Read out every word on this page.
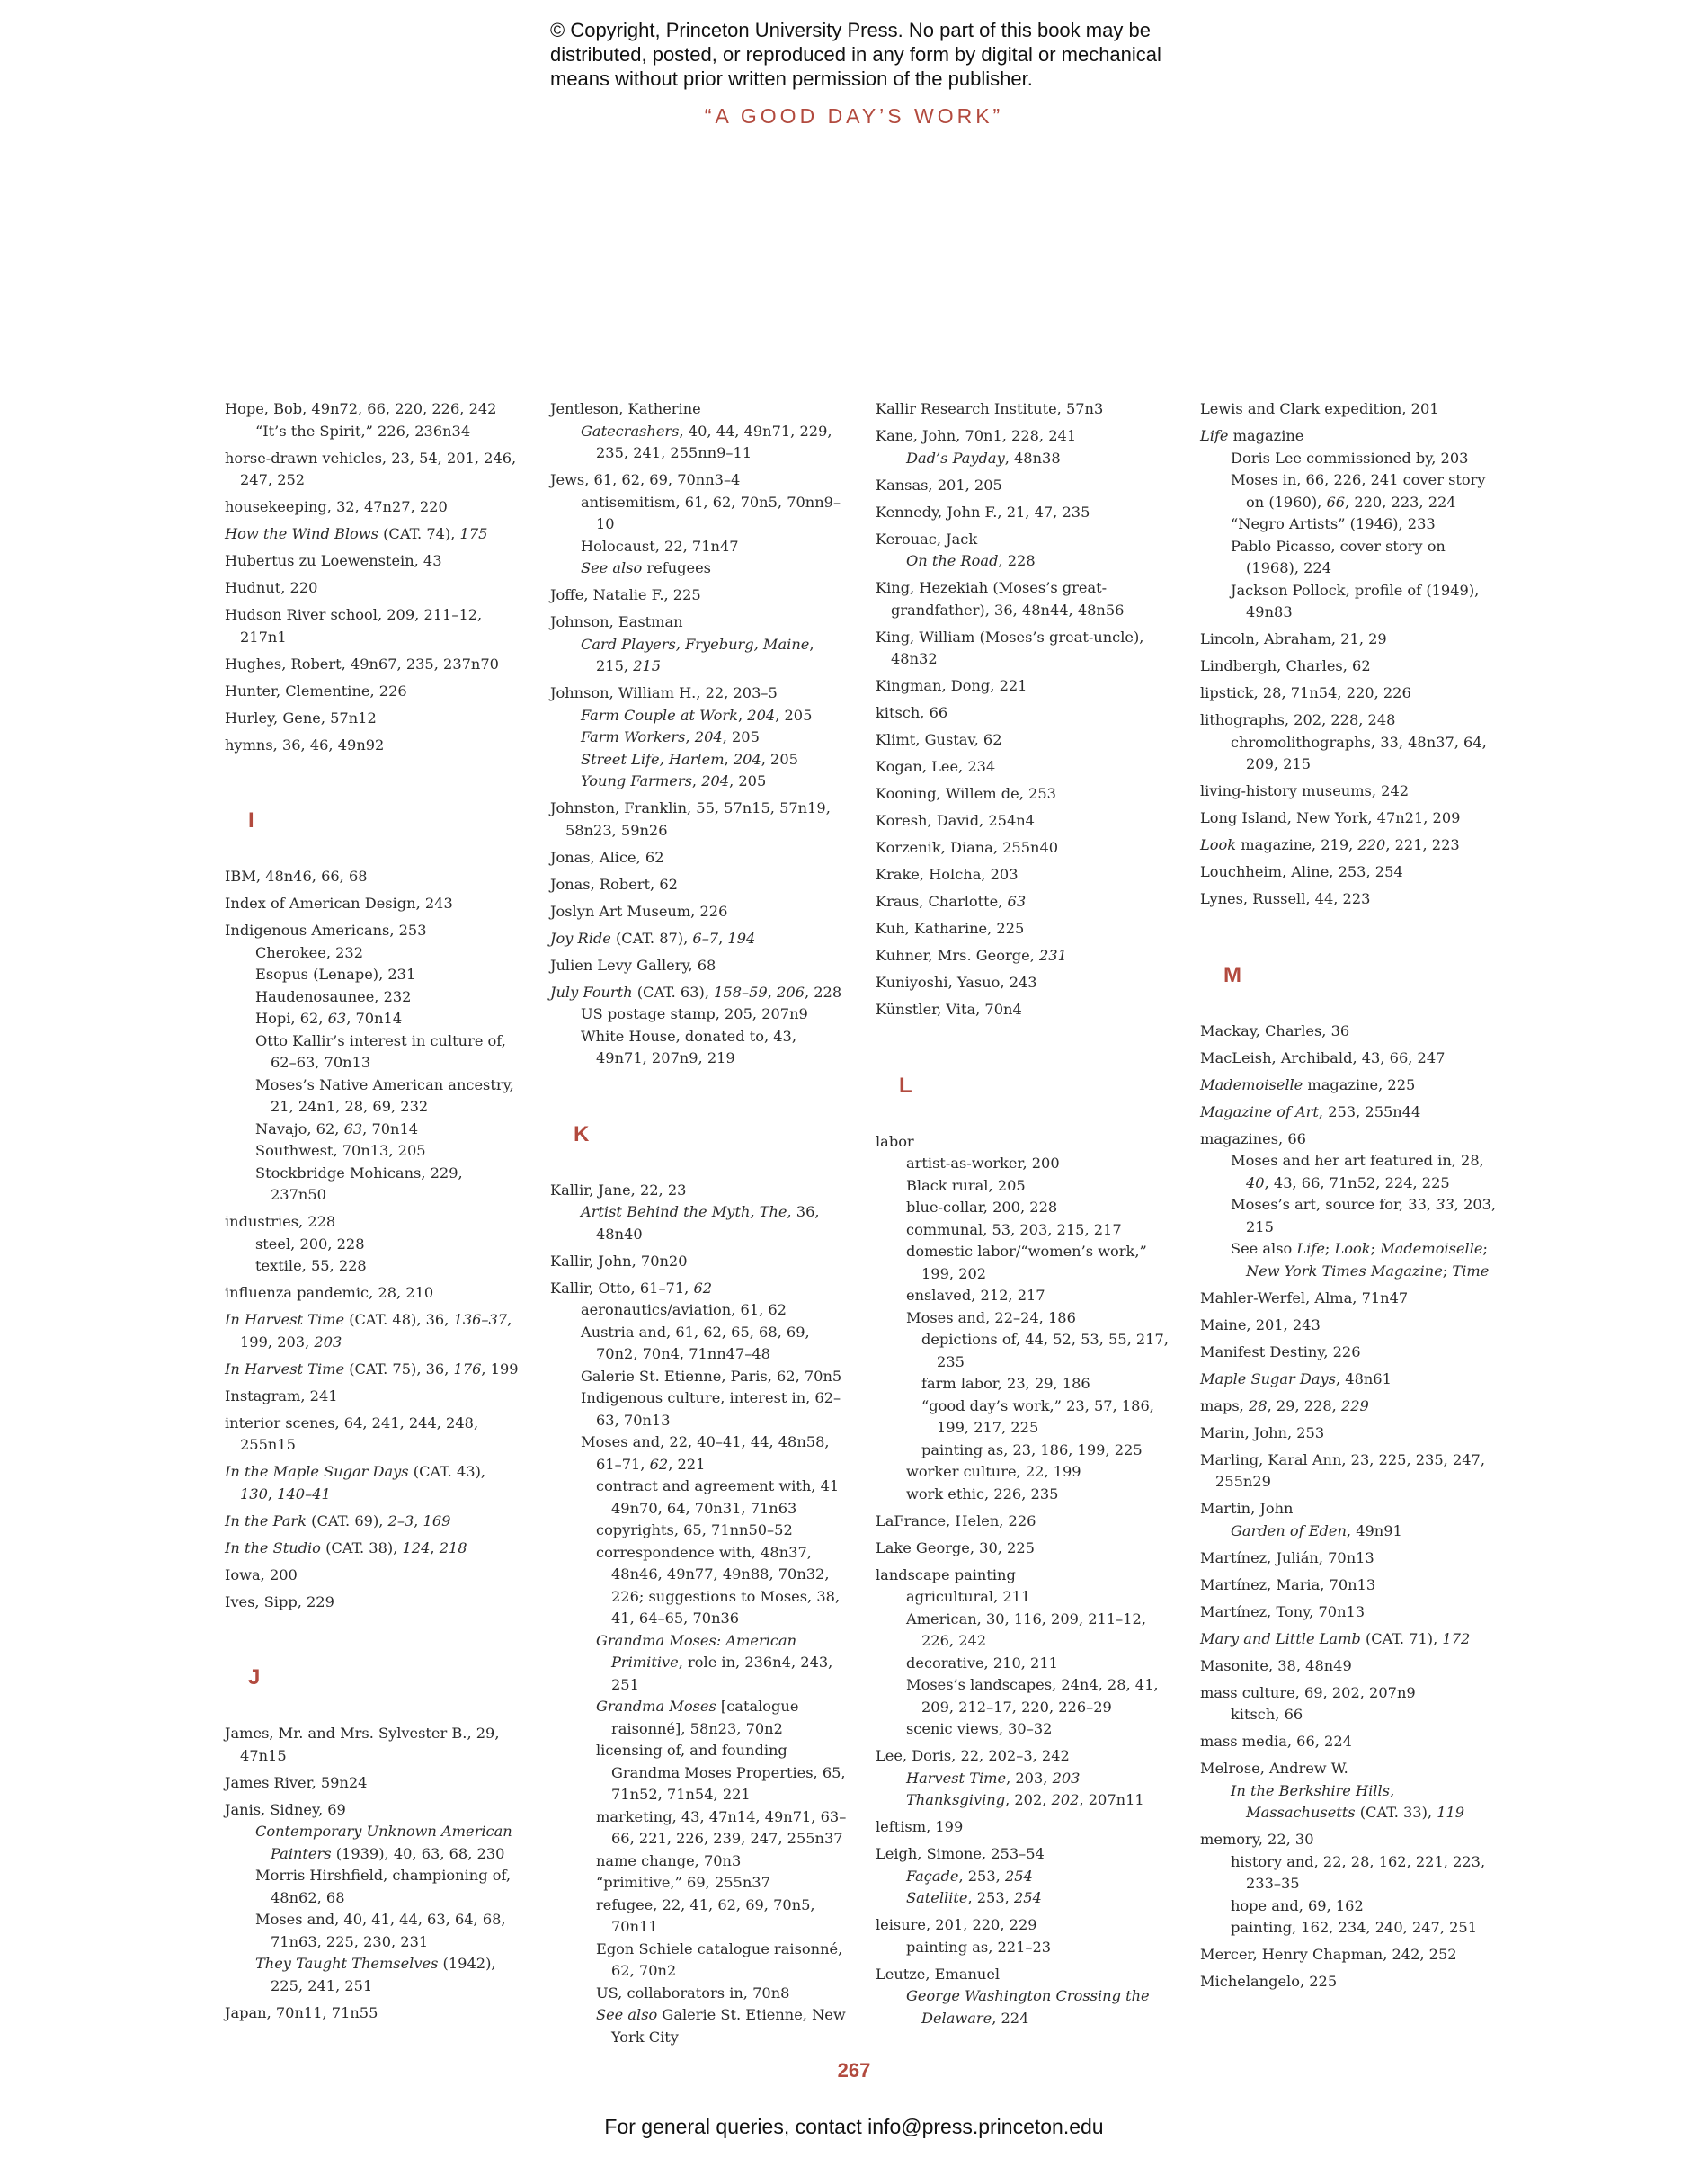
© Copyright, Princeton University Press. No part of this book may be distributed, posted, or reproduced in any form by digital or mechanical means without prior written permission of the publisher.
“A GOOD DAY’S WORK”
Hope, Bob, 49n72, 66, 220, 226, 242
“It’s the Spirit,” 226, 236n34
horse-drawn vehicles, 23, 54, 201, 246, 247, 252
housekeeping, 32, 47n27, 220
How the Wind Blows (CAT. 74), 175
Hubertus zu Loewenstein, 43
Hudnut, 220
Hudson River school, 209, 211–12, 217n1
Hughes, Robert, 49n67, 235, 237n70
Hunter, Clementine, 226
Hurley, Gene, 57n12
hymns, 36, 46, 49n92
I
IBM, 48n46, 66, 68
Index of American Design, 243
Indigenous Americans, 253
Cherokee, 232
Esopus (Lenape), 231
Haudenosaunee, 232
Hopi, 62, 63, 70n14
Otto Kallir’s interest in culture of, 62–63, 70n13
Moses’s Native American ancestry, 21, 24n1, 28, 69, 232
Navajo, 62, 63, 70n14
Southwest, 70n13, 205
Stockbridge Mohicans, 229, 237n50
industries, 228
steel, 200, 228
textile, 55, 228
influenza pandemic, 28, 210
In Harvest Time (CAT. 48), 36, 136–37, 199, 203, 203
In Harvest Time (CAT. 75), 36, 176, 199
Instagram, 241
interior scenes, 64, 241, 244, 248, 255n15
In the Maple Sugar Days (CAT. 43), 130, 140–41
In the Park (CAT. 69), 2–3, 169
In the Studio (CAT. 38), 124, 218
Iowa, 200
Ives, Sipp, 229
J
James, Mr. and Mrs. Sylvester B., 29, 47n15
James River, 59n24
Janis, Sidney, 69
Contemporary Unknown American Painters (1939), 40, 63, 68, 230
Morris Hirshfield, championing of, 48n62, 68
Moses and, 40, 41, 44, 63, 64, 68, 71n63, 225, 230, 231
They Taught Themselves (1942), 225, 241, 251
Japan, 70n11, 71n55
Jentleson, Katherine
Gatecrashers, 40, 44, 49n71, 229, 235, 241, 255nn9–11
Jews, 61, 62, 69, 70nn3–4
antisemitism, 61, 62, 70n5, 70nn9–10
Holocaust, 22, 71n47
See also refugees
Joffe, Natalie F., 225
Johnson, Eastman
Card Players, Fryeburg, Maine, 215, 215
Johnson, William H., 22, 203–5
Farm Couple at Work, 204, 205
Farm Workers, 204, 205
Street Life, Harlem, 204, 205
Young Farmers, 204, 205
Johnston, Franklin, 55, 57n15, 57n19, 58n23, 59n26
Jonas, Alice, 62
Jonas, Robert, 62
Joslyn Art Museum, 226
Joy Ride (CAT. 87), 6–7, 194
Julien Levy Gallery, 68
July Fourth (CAT. 63), 158–59, 206, 228
US postage stamp, 205, 207n9
White House, donated to, 43, 49n71, 207n9, 219
K
Kallir, Jane, 22, 23
Artist Behind the Myth, The, 36, 48n40
Kallir, John, 70n20
Kallir, Otto, 61–71, 62
aeronautics/aviation, 61, 62
Austria and, 61, 62, 65, 68, 69, 70n2, 70n4, 71nn47–48
Galerie St. Etienne, Paris, 62, 70n5
Indigenous culture, interest in, 62–63, 70n13
Moses and, 22, 40–41, 44, 48n58, 61–71, 62, 221
contract and agreement with, 41 49n70, 64, 70n31, 71n63
copyrights, 65, 71nn50–52
correspondence with, 48n37, 48n46, 49n77, 49n88, 70n32, 226; suggestions to Moses, 38, 41, 64–65, 70n36
Grandma Moses: American Primitive, role in, 236n4, 243, 251
Grandma Moses [catalogue raisonné], 58n23, 70n2
licensing of, and founding Grandma Moses Properties, 65, 71n52, 71n54, 221
marketing, 43, 47n14, 49n71, 63–66, 221, 226, 239, 247, 255n37
name change, 70n3
“primitive,” 69, 255n37
refugee, 22, 41, 62, 69, 70n5, 70n11
Egon Schiele catalogue raisonné, 62, 70n2
US, collaborators in, 70n8
See also Galerie St. Etienne, New York City
Kallir Research Institute, 57n3
Kane, John, 70n1, 228, 241
Dad’s Payday, 48n38
Kansas, 201, 205
Kennedy, John F., 21, 47, 235
Kerouac, Jack
On the Road, 228
King, Hezekiah (Moses’s great-grandfather), 36, 48n44, 48n56
King, William (Moses’s great-uncle), 48n32
Kingman, Dong, 221
kitsch, 66
Klimt, Gustav, 62
Kogan, Lee, 234
Kooning, Willem de, 253
Koresh, David, 254n4
Korzenik, Diana, 255n40
Krake, Holcha, 203
Kraus, Charlotte, 63
Kuh, Katharine, 225
Kuhner, Mrs. George, 231
Kuniyoshi, Yasuo, 243
Künstler, Vita, 70n4
L
labor
artist-as-worker, 200
Black rural, 205
blue-collar, 200, 228
communal, 53, 203, 215, 217
domestic labor/“women’s work,” 199, 202
enslaved, 212, 217
Moses and, 22–24, 186
depictions of, 44, 52, 53, 55, 217, 235
farm labor, 23, 29, 186
“good day’s work,” 23, 57, 186, 199, 217, 225
painting as, 23, 186, 199, 225
worker culture, 22, 199
work ethic, 226, 235
LaFrance, Helen, 226
Lake George, 30, 225
landscape painting
agricultural, 211
American, 30, 116, 209, 211–12, 226, 242
decorative, 210, 211
Moses’s landscapes, 24n4, 28, 41, 209, 212–17, 220, 226–29
scenic views, 30–32
Lee, Doris, 22, 202–3, 242
Harvest Time, 203, 203
Thanksgiving, 202, 202, 207n11
leftism, 199
Leigh, Simone, 253–54
Façade, 253, 254
Satellite, 253, 254
leisure, 201, 220, 229
painting as, 221–23
Leutze, Emanuel
George Washington Crossing the Delaware, 224
Lewis and Clark expedition, 201
Life magazine
Doris Lee commissioned by, 203
Moses in, 66, 226, 241 cover story on (1960), 66, 220, 223, 224
“Negro Artists” (1946), 233
Pablo Picasso, cover story on (1968), 224
Jackson Pollock, profile of (1949), 49n83
Lincoln, Abraham, 21, 29
Lindbergh, Charles, 62
lipstick, 28, 71n54, 220, 226
lithographs, 202, 228, 248
chromolithographs, 33, 48n37, 64, 209, 215
living-history museums, 242
Long Island, New York, 47n21, 209
Look magazine, 219, 220, 221, 223
Louchheim, Aline, 253, 254
Lynes, Russell, 44, 223
M
Mackay, Charles, 36
MacLeish, Archibald, 43, 66, 247
Mademoiselle magazine, 225
Magazine of Art, 253, 255n44
magazines, 66
Moses and her art featured in, 28, 40, 43, 66, 71n52, 224, 225
Moses’s art, source for, 33, 33, 203, 215
See also Life; Look; Mademoiselle; New York Times Magazine; Time
Mahler-Werfel, Alma, 71n47
Maine, 201, 243
Manifest Destiny, 226
Maple Sugar Days, 48n61
maps, 28, 29, 228, 229
Marin, John, 253
Marling, Karal Ann, 23, 225, 235, 247, 255n29
Martin, John
Garden of Eden, 49n91
Martínez, Julián, 70n13
Martínez, Maria, 70n13
Martínez, Tony, 70n13
Mary and Little Lamb (CAT. 71), 172
Masonite, 38, 48n49
mass culture, 69, 202, 207n9
kitsch, 66
mass media, 66, 224
Melrose, Andrew W.
In the Berkshire Hills, Massachusetts (CAT. 33), 119
memory, 22, 30
history and, 22, 28, 162, 221, 223, 233–35
hope and, 69, 162
painting, 162, 234, 240, 247, 251
Mercer, Henry Chapman, 242, 252
Michelangelo, 225
267
For general queries, contact info@press.princeton.edu
